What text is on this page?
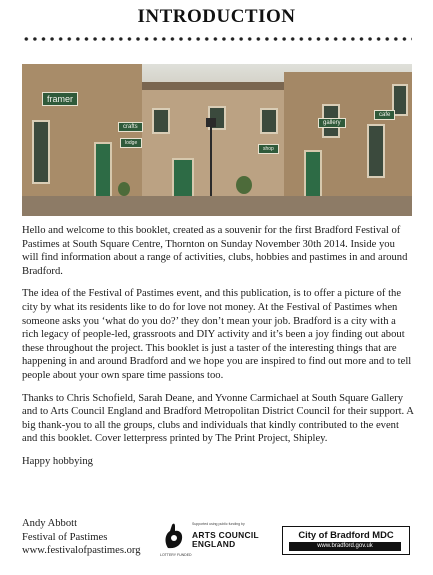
INTRODUCTION
framer
crafts
cafe
lodge
gallery
shop

Hello and welcome to this booklet, created as a souvenir for the first Bradford Festival of Pastimes at South Square Centre, Thornton on Sunday November 30th 2014. Inside you will find information about a range of activities, clubs, hobbies and pastimes in and around Bradford.

The idea of the Festival of Pastimes event, and this publication, is to offer a picture of the city by what its residents like to do for love not money. At the Festival of Pastimes when someone asks you ‘what do you do?’ they don’t mean your job. Bradford is a city with a rich legacy of people-led, grassroots and DIY activity and it’s been a joy finding out about these throughout the project. This booklet is just a taster of the interesting things that are happening in and around Bradford and we hope you are inspired to find out more and to tell people about your own spare time passions too.

Thanks to Chris Schofield, Sarah Deane, and Yvonne Carmichael at South Square Gallery and to Arts Council England and Bradford Metropolitan District Council for their support. A big thank-you to all the groups, clubs and individuals that kindly contributed to the event and this booklet. Cover letterpress printed by The Print Project, Shipley.

Happy hobbying

Andy Abbott
Festival of Pastimes
www.festivalofpastimes.org
Supported using public funding by
ARTS COUNCIL
ENGLAND
LOTTERY FUNDED
City of Bradford MDC
www.bradford.gov.uk
